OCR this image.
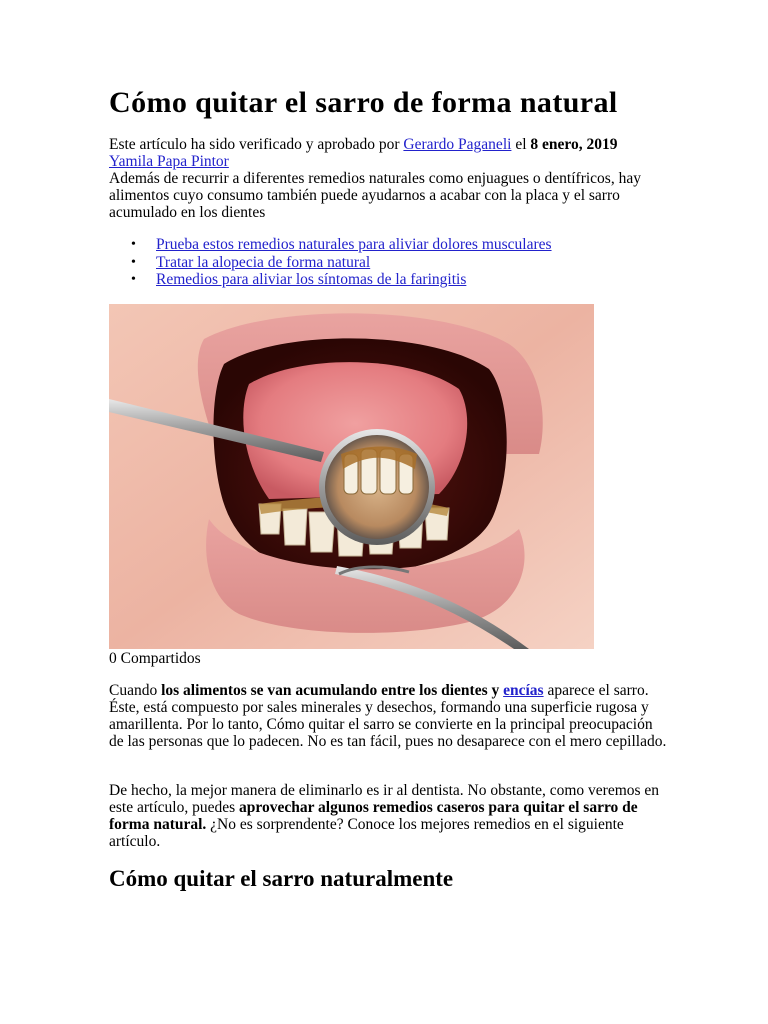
Cómo quitar el sarro de forma natural
Este artículo ha sido verificado y aprobado por Gerardo Paganeli el 8 enero, 2019
Yamila Papa Pintor
Además de recurrir a diferentes remedios naturales como enjuagues o dentífricos, hay alimentos cuyo consumo también puede ayudarnos a acabar con la placa y el sarro acumulado en los dientes
• Prueba estos remedios naturales para aliviar dolores musculares
• Tratar la alopecia de forma natural
• Remedios para aliviar los síntomas de la faringitis
0 Compartidos

Cuando los alimentos se van acumulando entre los dientes y encías aparece el sarro. Éste, está compuesto por sales minerales y desechos, formando una superficie rugosa y amarillenta. Por lo tanto, Cómo quitar el sarro se convierte en la principal preocupación de las personas que lo padecen. No es tan fácil, pues no desaparece con el mero cepillado.

De hecho, la mejor manera de eliminarlo es ir al dentista. No obstante, como veremos en este artículo, puedes aprovechar algunos remedios caseros para quitar el sarro de forma natural. ¿No es sorprendente? Conoce los mejores remedios en el siguiente artículo.

Cómo quitar el sarro naturalmente
